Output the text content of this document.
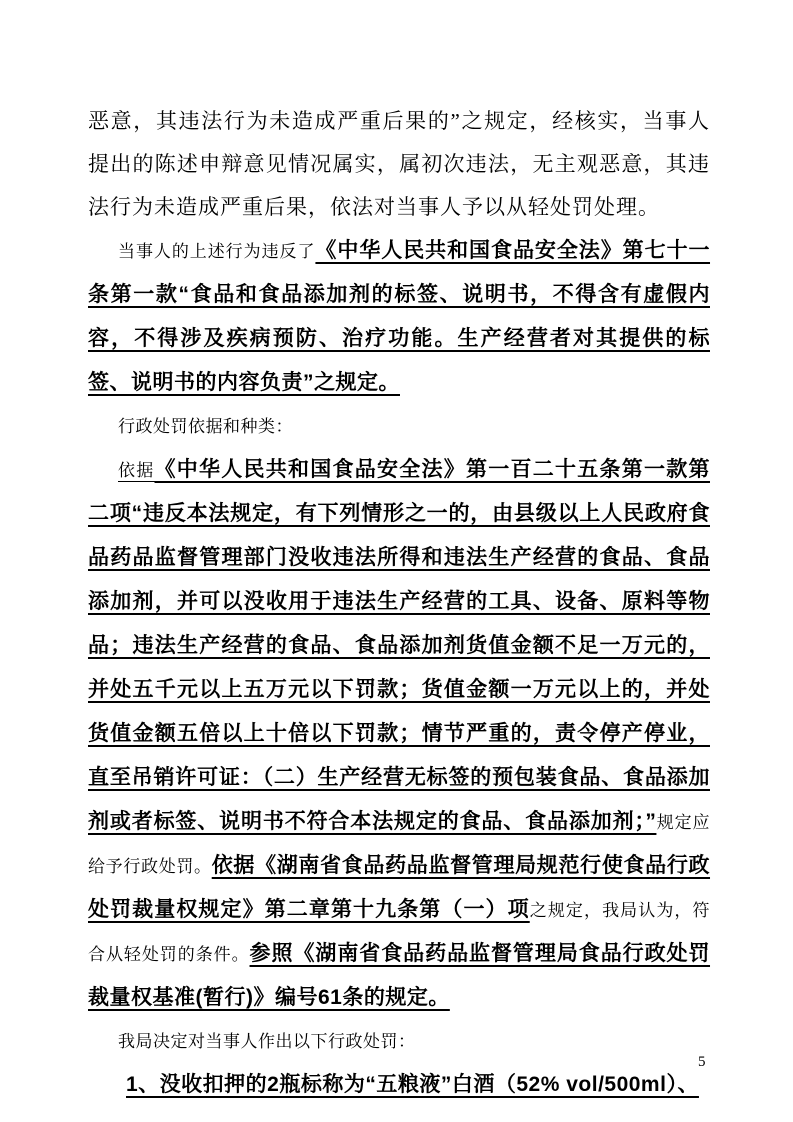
恶意，其违法行为未造成严重后果的”之规定，经核实，当事人提出的陈述申辩意见情况属实，属初次违法，无主观恶意，其违法行为未造成严重后果，依法对当事人予以从轻处罚处理。

当事人的上述行为违反了《中华人民共和国食品安全法》第七十一条第一款“食品和食品添加剂的标签、说明书，不得含有虚假内容，不得涉及疾病预防、治疗功能。生产经营者对其提供的标签、说明书的内容负责”之规定。

行政处罚依据和种类：

依据《中华人民共和国食品安全法》第一百二十五条第一款第二项“违反本法规定，有下列情形之一的，由县级以上人民政府食品药品监督管理部门没收违法所得和违法生产经营的食品、食品添加剂，并可以没收用于违法生产经营的工具、设备、原料等物品；违法生产经营的食品、食品添加剂货值金额不足一万元的，并处五千元以上五万元以下罚款；货值金额一万元以上的，并处货值金额五倍以上十倍以下罚款；情节严重的，责令停产停业，直至吊销许可证：（二）生产经营无标签的预包装食品、食品添加剂或者标签、说明书不符合本法规定的食品、食品添加剂；”规定应给予行政处罚。依据《湖南省食品药品监督管理局规范行使食品行政处罚裁量权规定》第二章第十九条第（一）项之规定，我局认为，符合从轻处罚的条件。参照《湖南省食品药品监督管理局食品行政处罚裁量权基准(暂行)》编号61条的规定。

我局决定对当事人作出以下行政处罚：

1、没收扣押的2瓶标称为“五粮液”白酒（52% vol/500ml）、

5
